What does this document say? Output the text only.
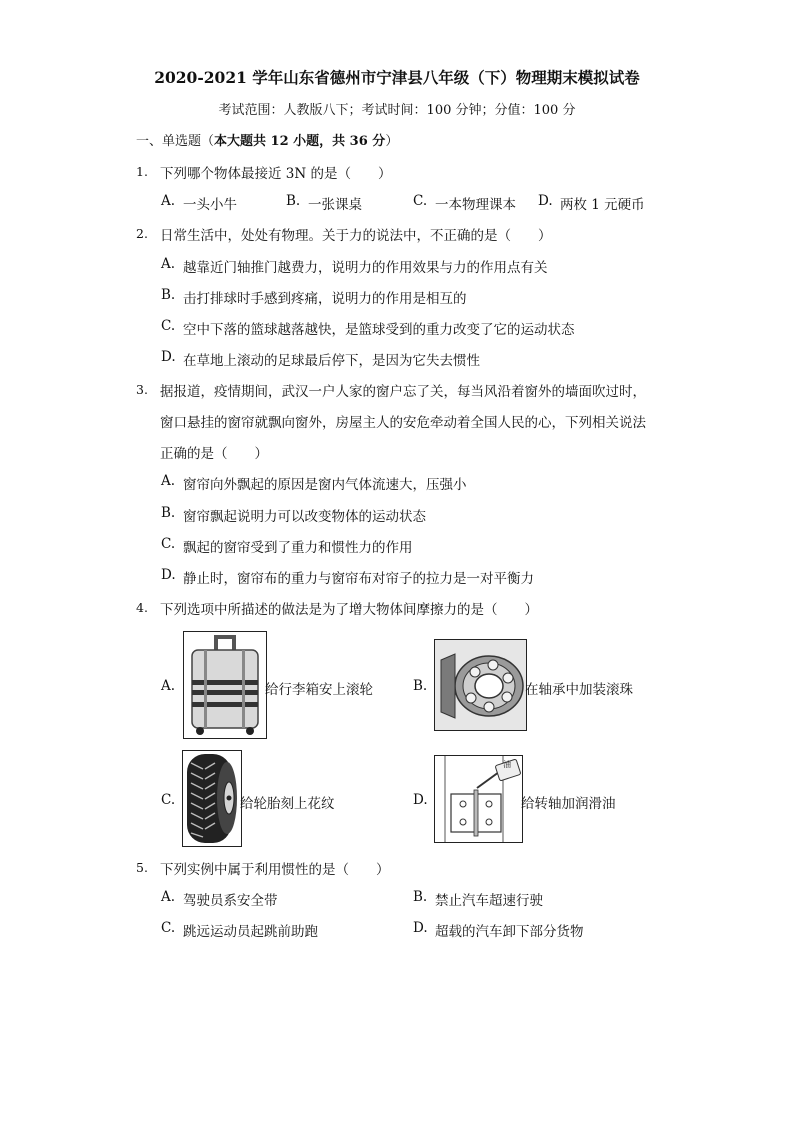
2020-2021 学年山东省德州市宁津县八年级（下）物理期末模拟试卷
考试范围：人教版八下；考试时间：100 分钟；分值：100 分
一、单选题（本大题共 12 小题，共 36 分）
1. 下列哪个物体最接近 3N 的是（　　）
A. 一头小牛	B. 一张课桌	C. 一本物理课本 D. 两枚 1 元硬币
2. 日常生活中，处处有物理。关于力的说法中，不正确的是（　　）
A. 越靠近门轴推门越费力，说明力的作用效果与力的作用点有关
B. 击打排球时手感到疼痛，说明力的作用是相互的
C. 空中下落的篮球越落越快，是篮球受到的重力改变了它的运动状态
D. 在草地上滚动的足球最后停下，是因为它失去惯性
3. 据报道，疫情期间，武汉一户人家的窗户忘了关，每当风沿着窗外的墙面吹过时，
窗口悬挂的窗帘就飘向窗外，房屋主人的安危牵动着全国人民的心，下列相关说法
正确的是（　　）
A. 窗帘向外飘起的原因是窗内气体流速大，压强小
B. 窗帘飘起说明力可以改变物体的运动状态
C. 飘起的窗帘受到了重力和惯性力的作用
D. 静止时，窗帘布的重力与窗帘布对帘子的拉力是一对平衡力
4. 下列选项中所描述的做法是为了增大物体间摩擦力的是（　　）
A.	给行李箱安上滚轮	B.	在轴承中加装滚珠
C.	给轮胎刻上花纹	D.
油
给转轴加润滑油
5. 下列实例中属于利用惯性的是（　　）
A. 驾驶员系安全带	B. 禁止汽车超速行驶
C. 跳远运动员起跳前助跑	D. 超载的汽车卸下部分货物
